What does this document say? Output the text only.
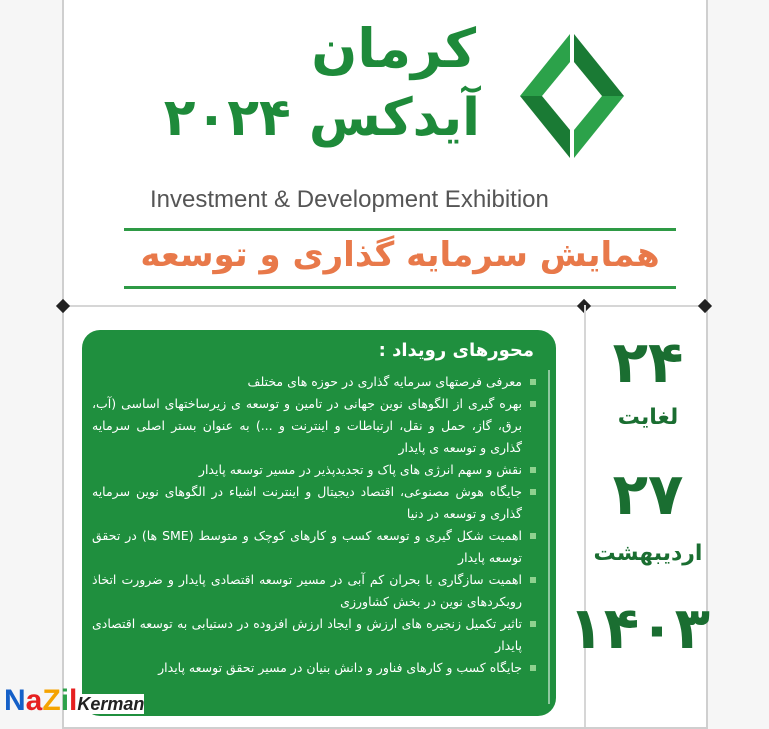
کرمان
آیدکس ۲۰۲۴
Investment & Development Exhibition
همایش سرمایه گذاری و توسعه
محورهای رویداد :
معرفی فرصتهای سرمایه گذاری در حوزه های مختلف
بهره گیری از الگوهای نوین جهانی در تامین و توسعه ی زیرساختهای اساسی (آب، برق، گاز، حمل و نقل، ارتباطات و اینترنت و ...) به عنوان بستر اصلی سرمایه گذاری و توسعه ی پایدار
نقش و سهم انرژی های پاک و تجدیدپذیر در مسیر توسعه پایدار
جایگاه هوش مصنوعی، اقتصاد دیجیتال و اینترنت اشیاء در الگوهای نوین سرمایه گذاری و توسعه در دنیا
اهمیت شکل گیری و توسعه کسب و کارهای کوچک و متوسط (SME ها) در تحقق توسعه پایدار
اهمیت سازگاری با بحران کم آبی در مسیر توسعه اقتصادی پایدار و ضرورت اتخاذ رویکردهای نوین در بخش کشاورزی
تاثیر تکمیل زنجیره های ارزش و ایجاد ارزش افزوده در دستیابی به توسعه اقتصادی پایدار
جایگاه کسب و کارهای فناور و دانش بنیان در مسیر تحقق توسعه پایدار
۲۴
لغایت
۲۷
اردیبهشت
۱۴۰۳
NaZilKerman
